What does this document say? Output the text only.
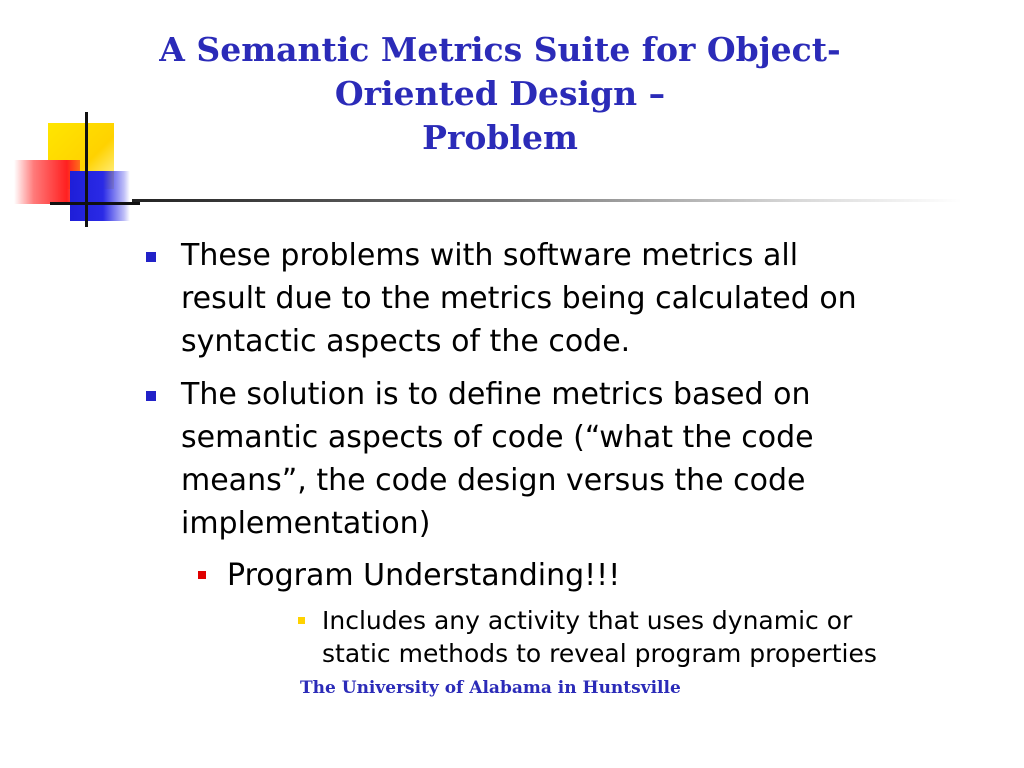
A Semantic Metrics Suite for Object-
Oriented Design –
Problem
These problems with software metrics all
result due to the metrics being calculated on
syntactic aspects of the code.
The solution is to define metrics based on
semantic aspects of code (“what the code
means”, the code design versus the code
implementation)
Program Understanding!!!
Includes any activity that uses dynamic or
static methods to reveal program properties
The University of Alabama in Huntsville
